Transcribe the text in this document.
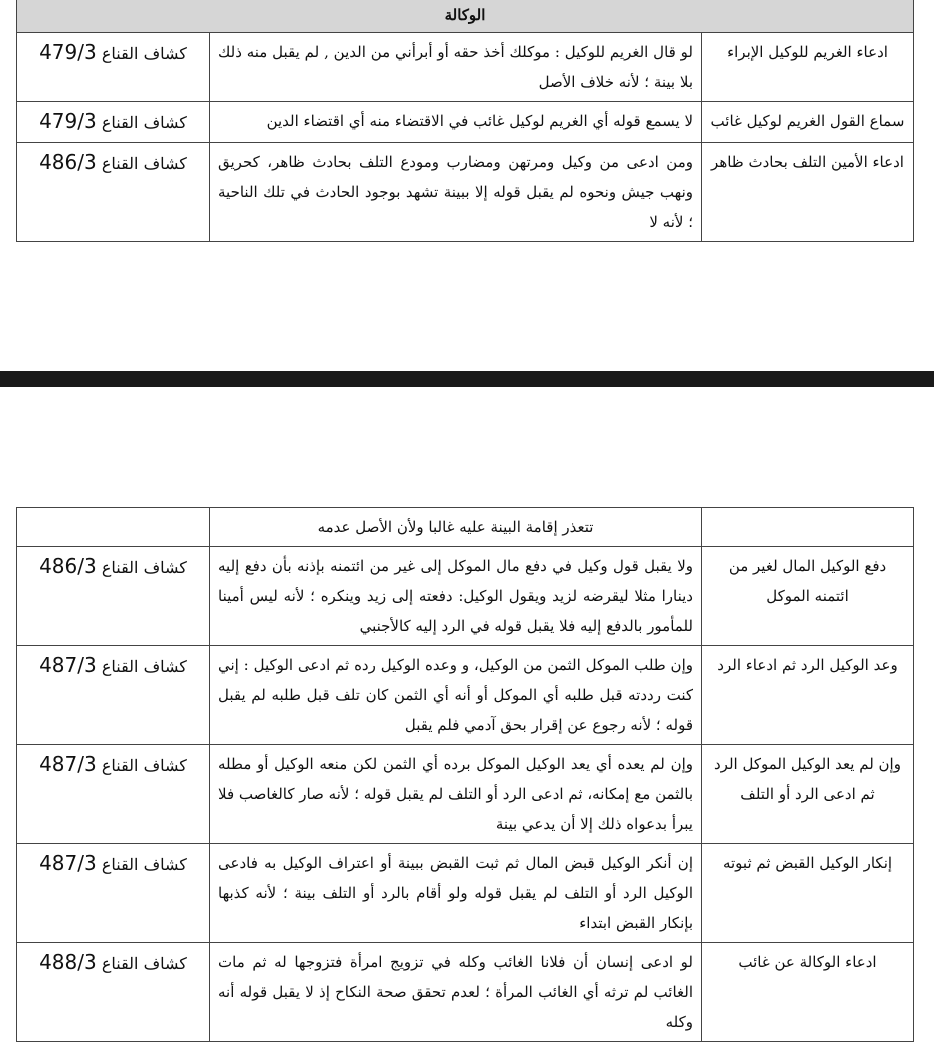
الوكالة		
ادعاء الغريم للوكيل الإبراء	لو قال الغريم للوكيل : موكلك أخذ حقه أو أبرأني من الدين , لم يقبل منه ذلك بلا بينة ؛ لأنه خلاف الأصل	كشاف القناع 479/3
سماع القول الغريم لوكيل غائب	لا يسمع قوله أي الغريم لوكيل غائب في الاقتضاء منه أي اقتضاء الدين	كشاف القناع 479/3
ادعاء الأمين التلف بحادث ظاهر	ومن ادعى من وكيل ومرتهن ومضارب ومودع التلف بحادث ظاهر، كحريق ونهب جيش ونحوه لم يقبل قوله إلا ببينة تشهد بوجود الحادث في تلك الناحية ؛ لأنه لا	كشاف القناع 486/3
	تتعذر إقامة البينة عليه غالبا ولأن الأصل عدمه	
دفع الوكيل المال لغير من ائتمنه الموكل	ولا يقبل قول وكيل في دفع مال الموكل إلى غير من ائتمنه بإذنه بأن دفع إليه دينارا مثلا ليقرضه لزيد ويقول الوكيل: دفعته إلى زيد وينكره ؛ لأنه ليس أمينا للمأمور بالدفع إليه فلا يقبل قوله في الرد إليه كالأجنبي	كشاف القناع 486/3
وعد الوكيل الرد ثم ادعاء الرد	وإن طلب الموكل الثمن من الوكيل، و وعده الوكيل رده ثم ادعى الوكيل : إني كنت رددته قبل طلبه أي الموكل أو أنه أي الثمن كان تلف قبل طلبه لم يقبل قوله ؛ لأنه رجوع عن إقرار بحق آدمي فلم يقبل	كشاف القناع 487/3
وإن لم يعد الوكيل الموكل الرد ثم ادعى الرد أو التلف	وإن لم يعده أي يعد الوكيل الموكل برده أي الثمن لكن منعه الوكيل أو مطله بالثمن مع إمكانه، ثم ادعى الرد أو التلف لم يقبل قوله ؛ لأنه صار كالغاصب فلا يبرأ بدعواه ذلك إلا أن يدعي بينة	كشاف القناع 487/3
إنكار الوكيل القبض ثم ثبوته	إن أنكر الوكيل قبض المال ثم ثبت القبض ببينة أو اعتراف الوكيل به فادعى الوكيل الرد أو التلف لم يقبل قوله ولو أقام بالرد أو التلف بينة ؛ لأنه كذبها بإنكار القبض ابتداء	كشاف القناع 487/3
ادعاء الوكالة عن غائب	لو ادعى إنسان أن فلانا الغائب وكله في تزويج امرأة فتزوجها له ثم مات الغائب لم ترثه أي الغائب المرأة ؛ لعدم تحقق صحة النكاح إذ لا يقبل قوله أنه وكله	كشاف القناع 488/3
